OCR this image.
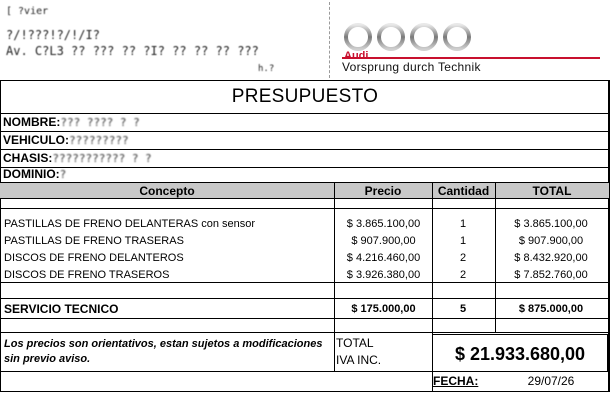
[ ?vier
?/!???!?/!/I?
Av. C?L3 ?? ??? ?? ?I? ?? ?? ?? ???
h.?
Audi
Vorsprung durch Technik
PRESUPUESTO
NOMBRE:??? ???? ? ?
VEHICULO:?????????
CHASIS:??????????? ? ?
DOMINIO:?
Concepto	Precio	Cantidad	TOTAL
PASTILLAS DE FRENO DELANTERAS con sensor	$ 3.865.100,00	1	$ 3.865.100,00
PASTILLAS DE FRENO TRASERAS	$ 907.900,00	1	$ 907.900,00
DISCOS DE FRENO DELANTEROS	$ 4.216.460,00	2	$ 8.432.920,00
DISCOS DE FRENO TRASEROS	$ 3.926.380,00	2	$ 7.852.760,00
SERVICIO TECNICO	$ 175.000,00	5	$ 875.000,00
Los precios son orientativos, estan sujetos a modificaciones sin previo aviso.
TOTAL
IVA INC.	$ 21.933.680,00
FECHA:	29/07/26
